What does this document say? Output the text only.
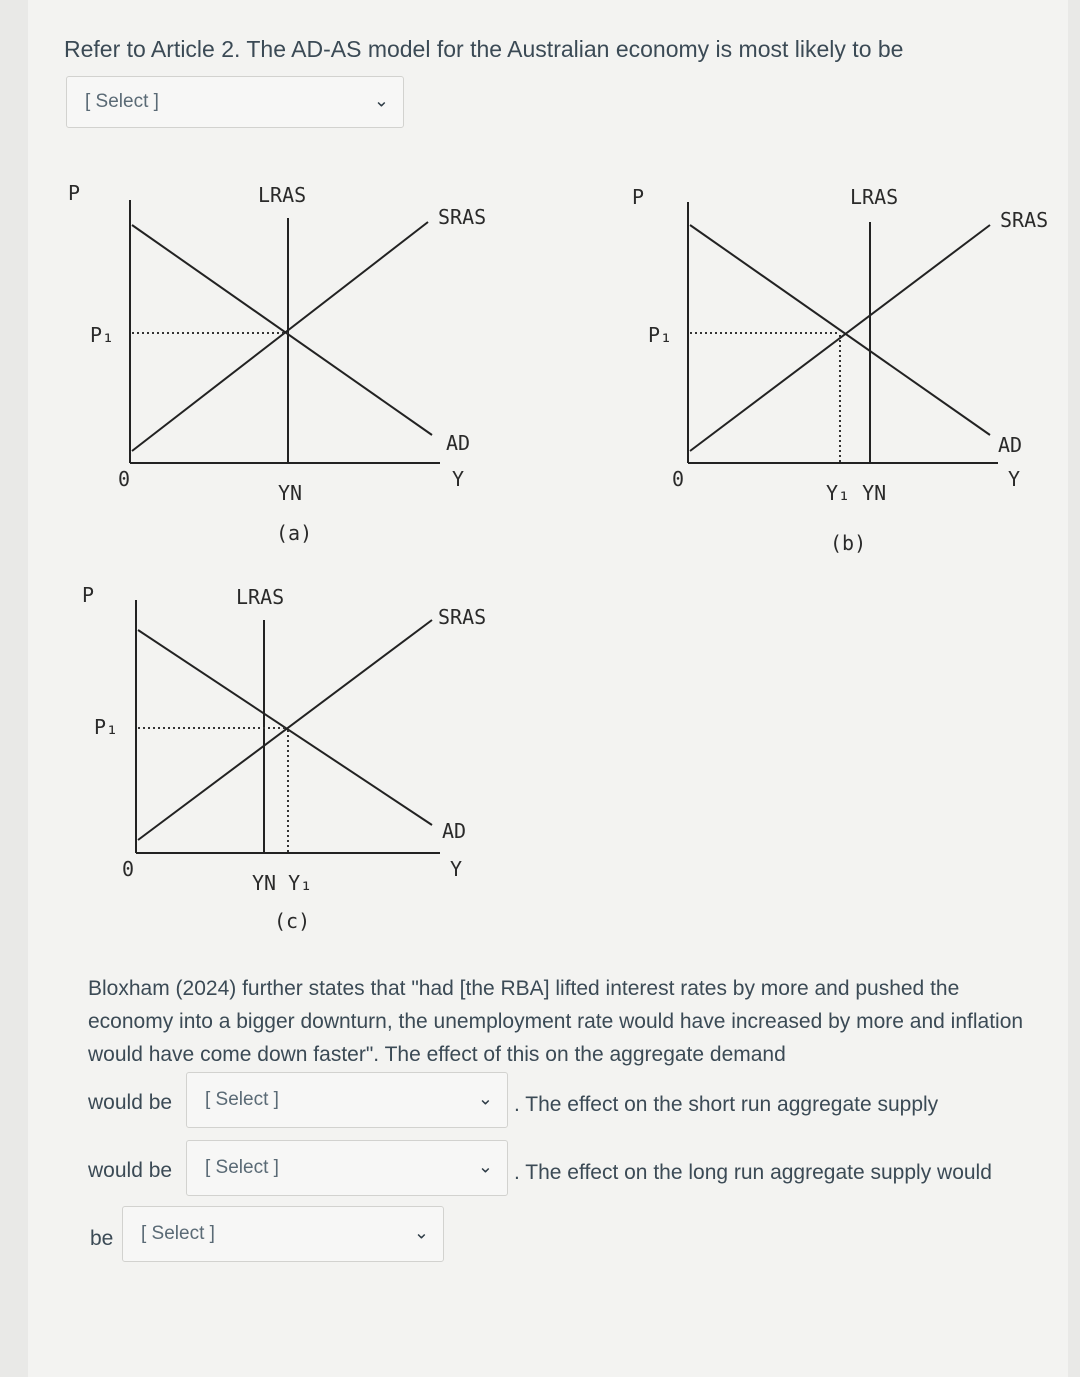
Refer to Article 2. The AD-AS model for the Australian economy is most likely to be
[ Select ]	⌄
P
P₁
0
LRAS
SRAS
AD
Y
YN
(a)
P
P₁
0
LRAS
SRAS
AD
Y
Y₁ YN
(b)
P
P₁
0
LRAS
SRAS
AD
Y
YN Y₁
(c)
Bloxham (2024) further states that "had [the RBA] lifted interest rates by more and pushed the economy into a bigger downturn, the unemployment rate would have increased by more and inflation would have come down faster". The effect of this on the aggregate demand
would be [ Select ]	⌄ . The effect on the short run aggregate supply
would be [ Select ]	⌄ . The effect on the long run aggregate supply would
be [ Select ]	⌄
